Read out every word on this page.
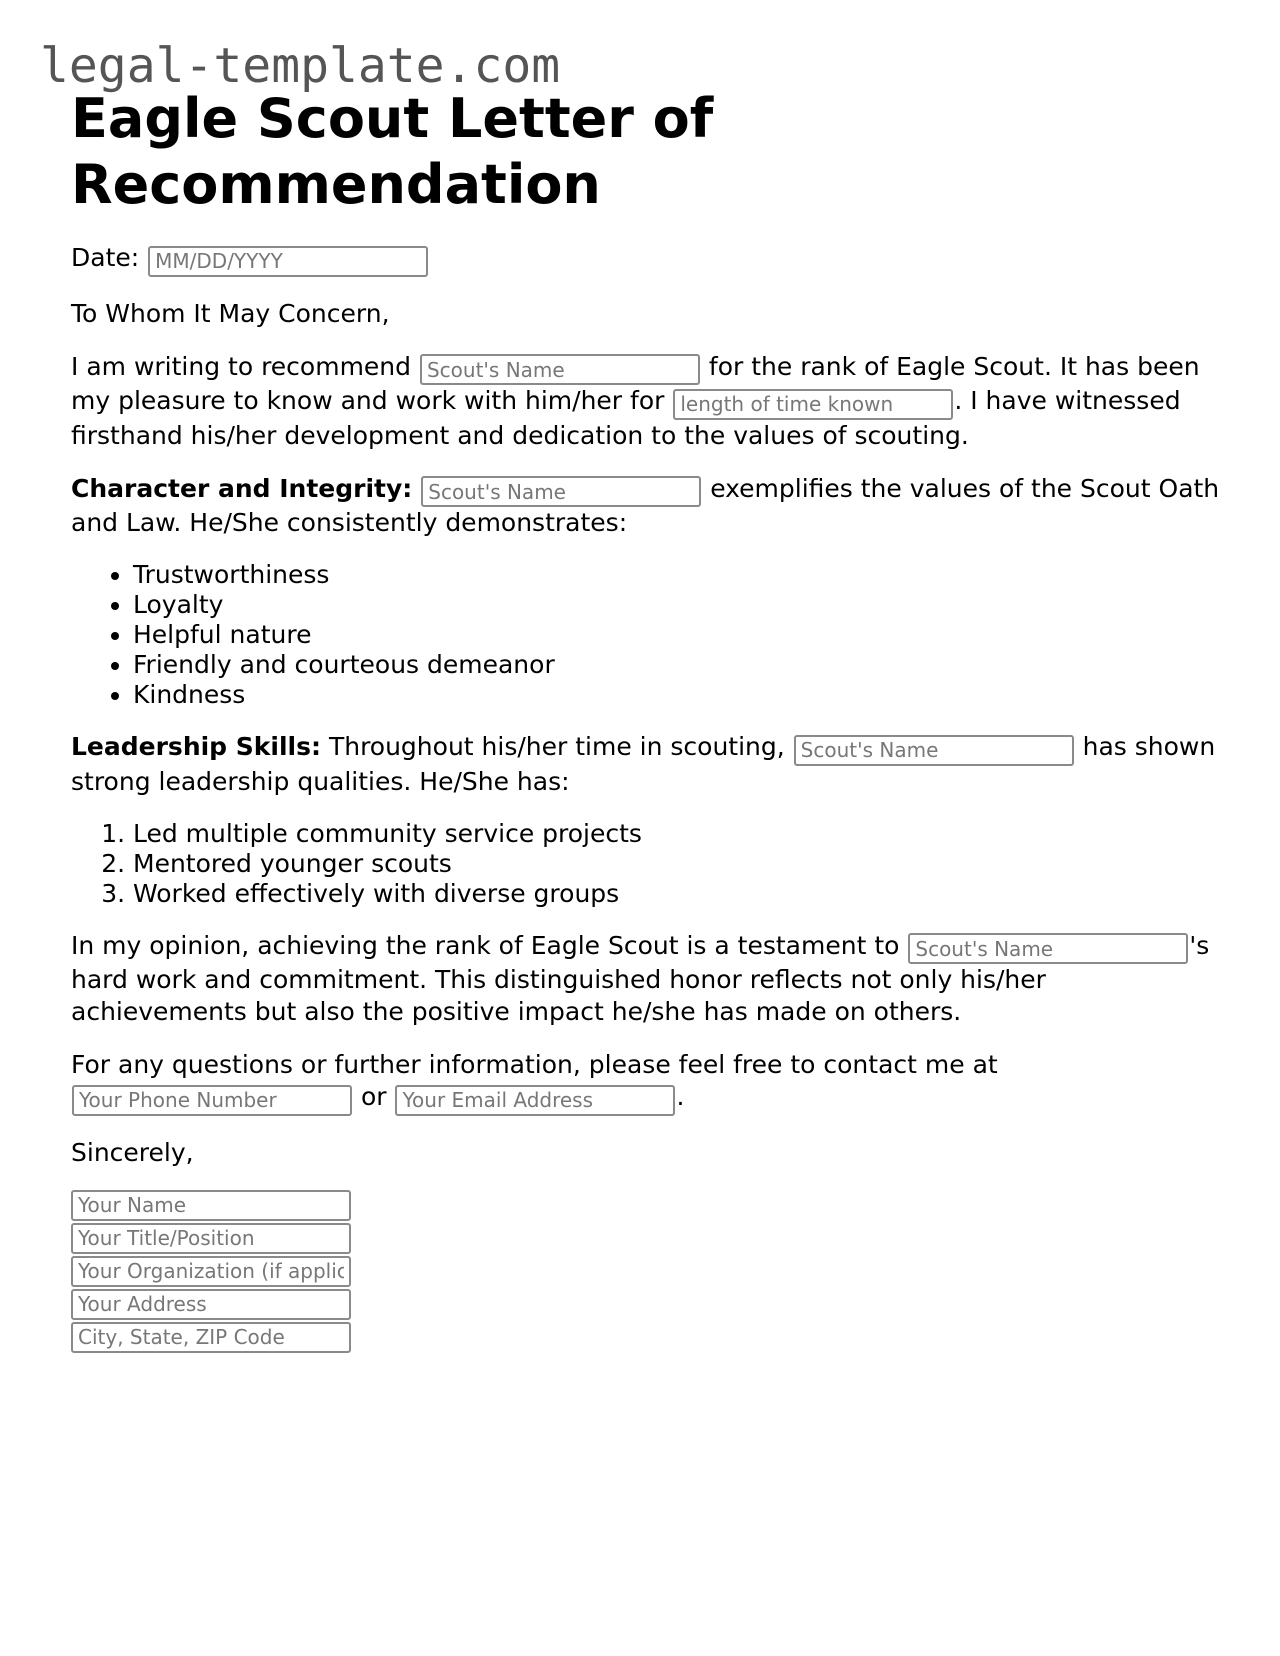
legal-template.com
Eagle Scout Letter of Recommendation

Date: MM/DD/YYYY

To Whom It May Concern,

I am writing to recommend Scout's Name	for the rank of Eagle Scout. It has been my pleasure to know and work with him/her for length of time known	. I have witnessed firsthand his/her development and dedication to the values of scouting.

Character and Integrity: Scout's Name	exemplifies the values of the Scout Oath and Law. He/She consistently demonstrates:

• Trustworthiness
• Loyalty
• Helpful nature
• Friendly and courteous demeanor
• Kindness

Leadership Skills: Throughout his/her time in scouting, Scout's Name	has shown strong leadership qualities. He/She has:

1. Led multiple community service projects
2. Mentored younger scouts
3. Worked effectively with diverse groups

In my opinion, achieving the rank of Eagle Scout is a testament to Scout's Name	's hard work and commitment. This distinguished honor reflects not only his/her achievements but also the positive impact he/she has made on others.

For any questions or further information, please feel free to contact me at Your Phone Number or Your Email Address	.

Sincerely,

Your Name
Your Title/Position
Your Organization (if applicable)
Your Address
City, State, ZIP Code
